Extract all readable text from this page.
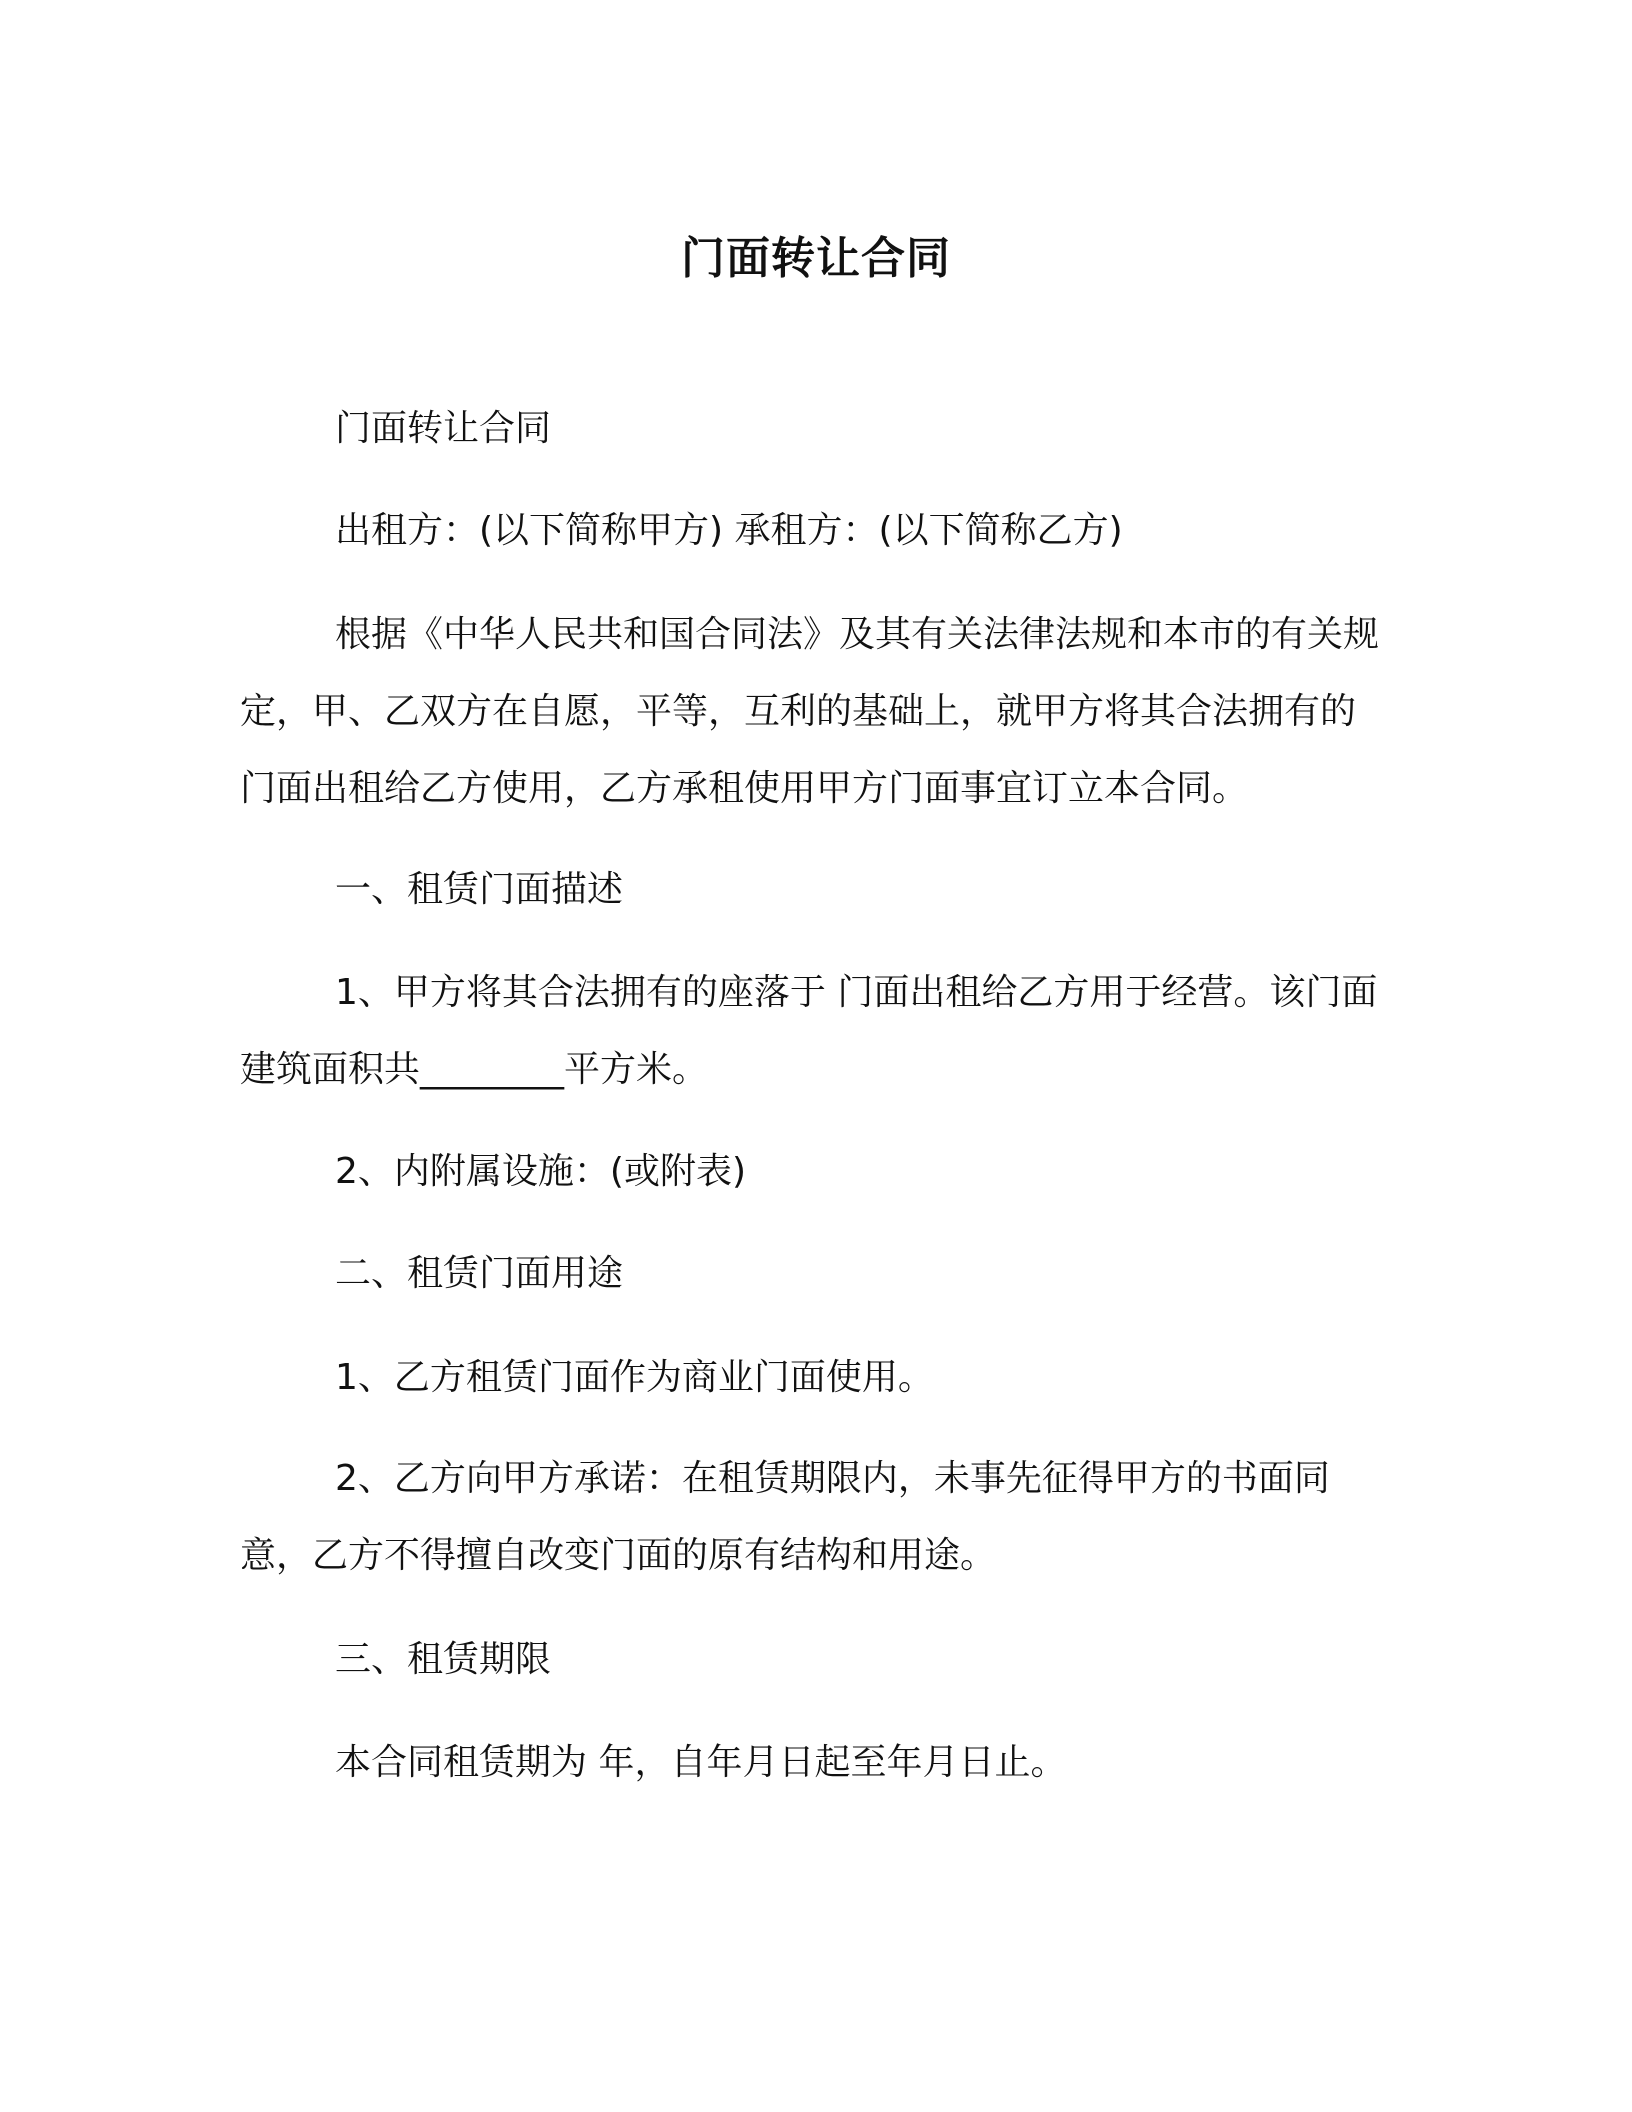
门面转让合同

门面转让合同

出租方：(以下简称甲方) 承租方：(以下简称乙方)

根据《中华人民共和国合同法》及其有关法律法规和本市的有关规定，甲、乙双方在自愿，平等，互利的基础上，就甲方将其合法拥有的门面出租给乙方使用，乙方承租使用甲方门面事宜订立本合同。

一、租赁门面描述

1、甲方将其合法拥有的座落于 门面出租给乙方用于经营。该门面建筑面积共________平方米。

2、内附属设施：(或附表)

二、租赁门面用途

1、乙方租赁门面作为商业门面使用。

2、乙方向甲方承诺：在租赁期限内，未事先征得甲方的书面同意，乙方不得擅自改变门面的原有结构和用途。

三、租赁期限

本合同租赁期为 年，自年月日起至年月日止。
